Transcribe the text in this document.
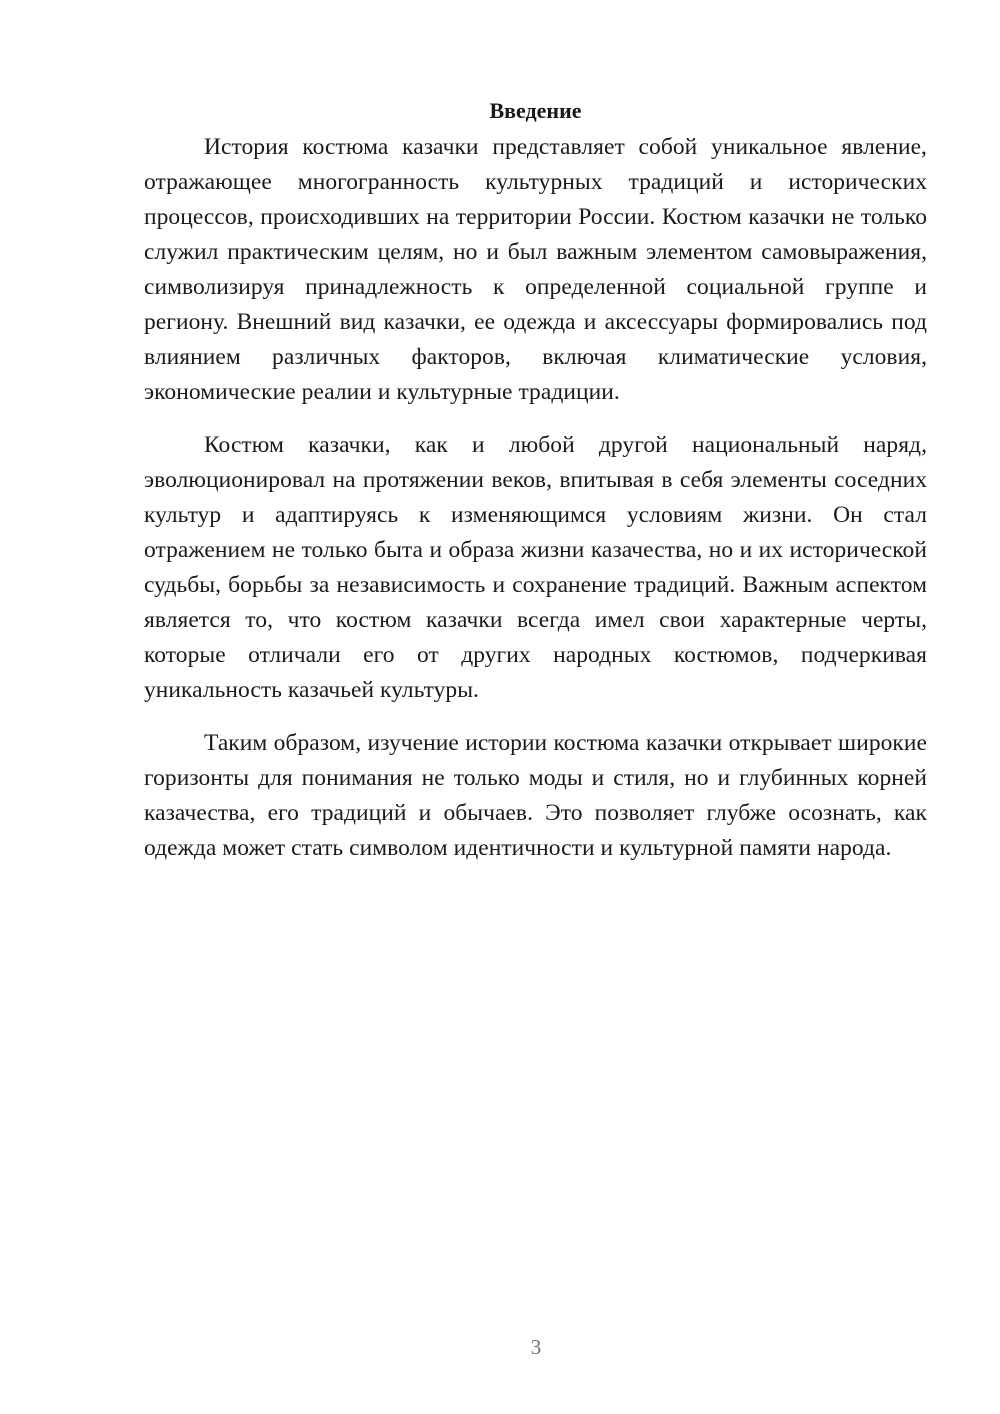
Введение

История костюма казачки представляет собой уникальное явление, отражающее многогранность культурных традиций и исторических процессов, происходивших на территории России. Костюм казачки не только служил практическим целям, но и был важным элементом самовыражения, символизируя принадлежность к определенной социальной группе и региону. Внешний вид казачки, ее одежда и аксессуары формировались под влиянием различных факторов, включая климатические условия, экономические реалии и культурные традиции.

Костюм казачки, как и любой другой национальный наряд, эволюционировал на протяжении веков, впитывая в себя элементы соседних культур и адаптируясь к изменяющимся условиям жизни. Он стал отражением не только быта и образа жизни казачества, но и их исторической судьбы, борьбы за независимость и сохранение традиций. Важным аспектом является то, что костюм казачки всегда имел свои характерные черты, которые отличали его от других народных костюмов, подчеркивая уникальность казачьей культуры.

Таким образом, изучение истории костюма казачки открывает широкие горизонты для понимания не только моды и стиля, но и глубинных корней казачества, его традиций и обычаев. Это позволяет глубже осознать, как одежда может стать символом идентичности и культурной памяти народа.

3
